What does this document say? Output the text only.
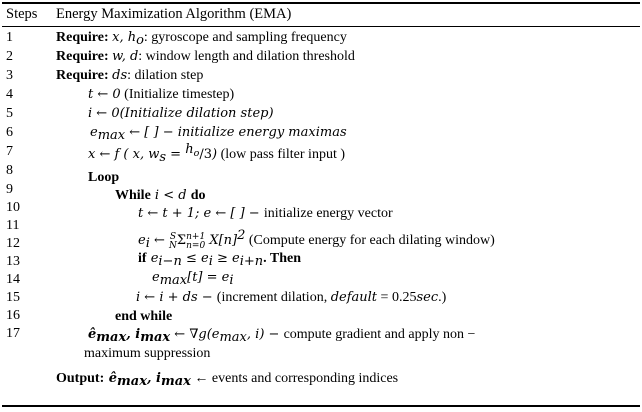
Steps Energy Maximization Algorithm (EMA)
1
2
3
4
5
6
7
8
9
10
11
12
13
14
15
16
17
Require: x, $h_o$: gyroscope and sampling frequency
Require: w, d: window length and dilation threshold
Require: ds: dilation step
t ← 0 (Initialize timestep)
i ← 0(Initialize dilation step)
$e_{max}$ ← [ ] − initialize energy maximas
x ← f ( x, $w_s = ^{h_o}/3$) (low pass filter input )
Loop
While i < d do
t ← t + 1; e ← [ ] − initialize energy vector
$e_i$ ← S
N Σ n+1
n=0 $X[n]^2$ (Compute energy for each dilating window)
if $e_{i-n} \le e_i \ge e_{i+n}$. Then
$e_{max}[t] = e_i$
i ← i + ds − (increment dilation, default = 0.25sec.)
end while
$ê_{max}$, $i_{max}$ ← $\nabla g(e_{max}$, i) − compute gradient and apply non −
maximum suppression
Output: $ê_{max}$, $i_{max}$ ← events and corresponding indices
